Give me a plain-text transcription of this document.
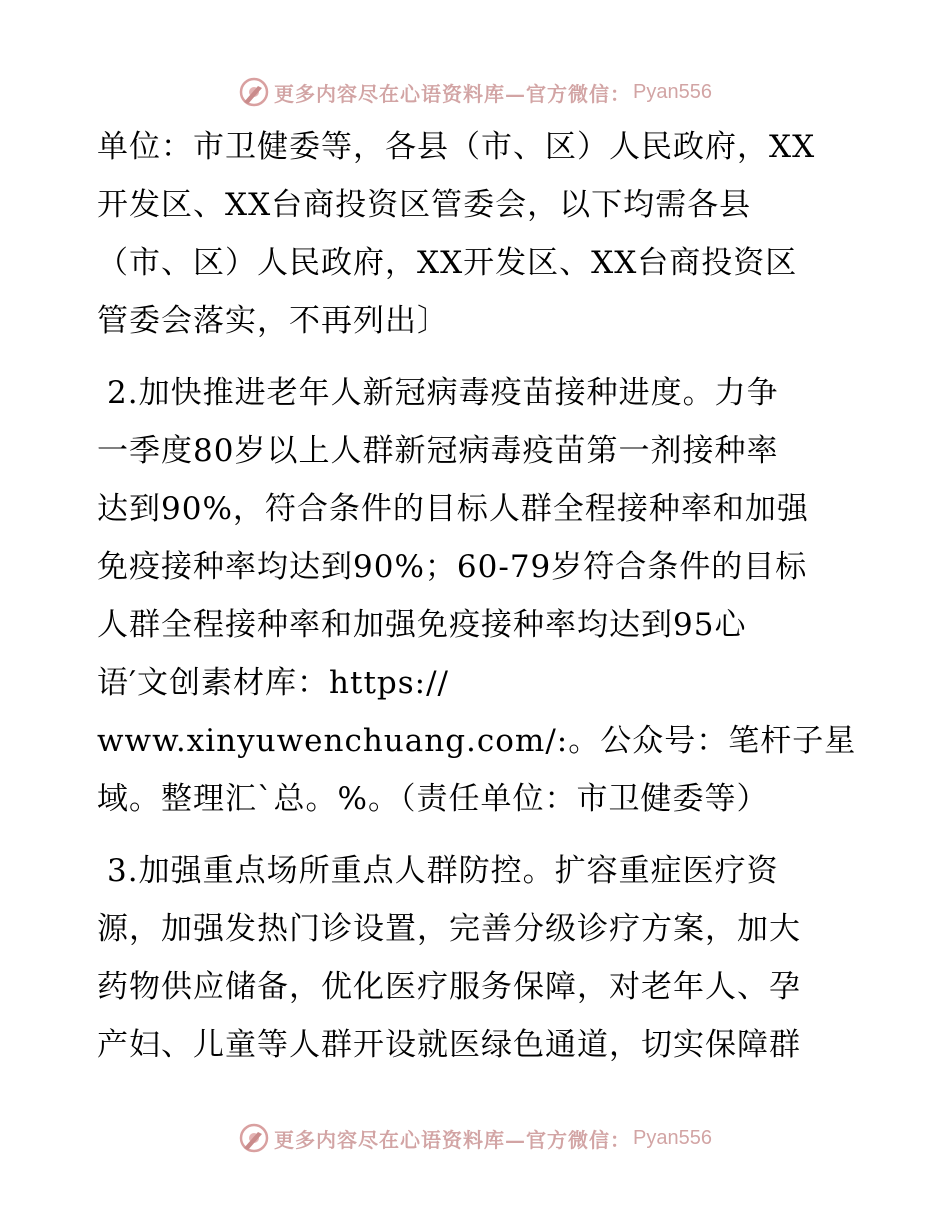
更多内容尽在心语资料库—官方微信： Pyan556
单位：市卫健委等，各县（市、区）人民政府，XX
开发区、XX台商投资区管委会，以下均需各县
（市、区）人民政府，XX开发区、XX台商投资区
管委会落实，不再列出〕
2.加快推进老年人新冠病毒疫苗接种进度。力争
一季度80岁以上人群新冠病毒疫苗第一剂接种率
达到90%，符合条件的目标人群全程接种率和加强
免疫接种率均达到90%；60-79岁符合条件的目标
人群全程接种率和加强免疫接种率均达到95心
语′文创素材库：https://
www.xinyuwenchuang.com/:。公众号：笔杆子星
域。整理汇`总。%。（责任单位：市卫健委等）
3.加强重点场所重点人群防控。扩容重症医疗资
源，加强发热门诊设置，完善分级诊疗方案，加大
药物供应储备，优化医疗服务保障，对老年人、孕
产妇、儿童等人群开设就医绿色通道，切实保障群
更多内容尽在心语资料库—官方微信： Pyan556
